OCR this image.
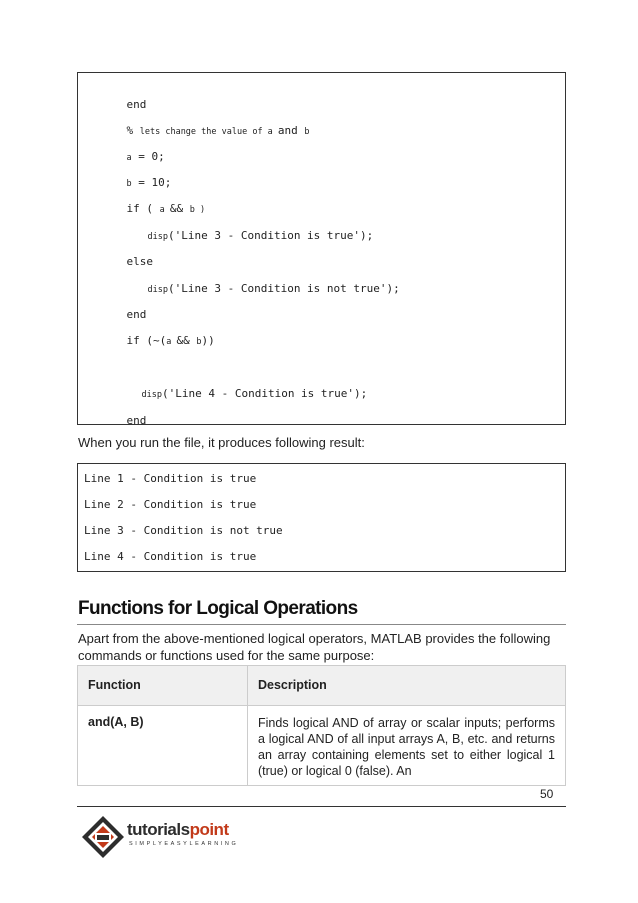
end

% lets change the value of a and b

a = 0;

b = 10;

if ( a && b )

disp('Line 3 - Condition is true');

else

disp('Line 3 - Condition is not true');

end

if (~(a && b))

disp('Line 4 - Condition is true');

end

When you run the file, it produces following result:
Line 1 - Condition is true
Line 2 - Condition is true
Line 3 - Condition is not true
Line 4 - Condition is true
Functions for Logical Operations
Apart from the above-mentioned logical operators, MATLAB provides the following
commands or functions used for the same purpose:
Function	Description
and(A, B)	Finds logical AND of array or scalar inputs; performs a logical AND of all input arrays A, B, etc. and returns an array containing elements set to either logical 1 (true) or logical 0 (false). An
50
tutorialspoint
SIMPLYEASYLEARNING
